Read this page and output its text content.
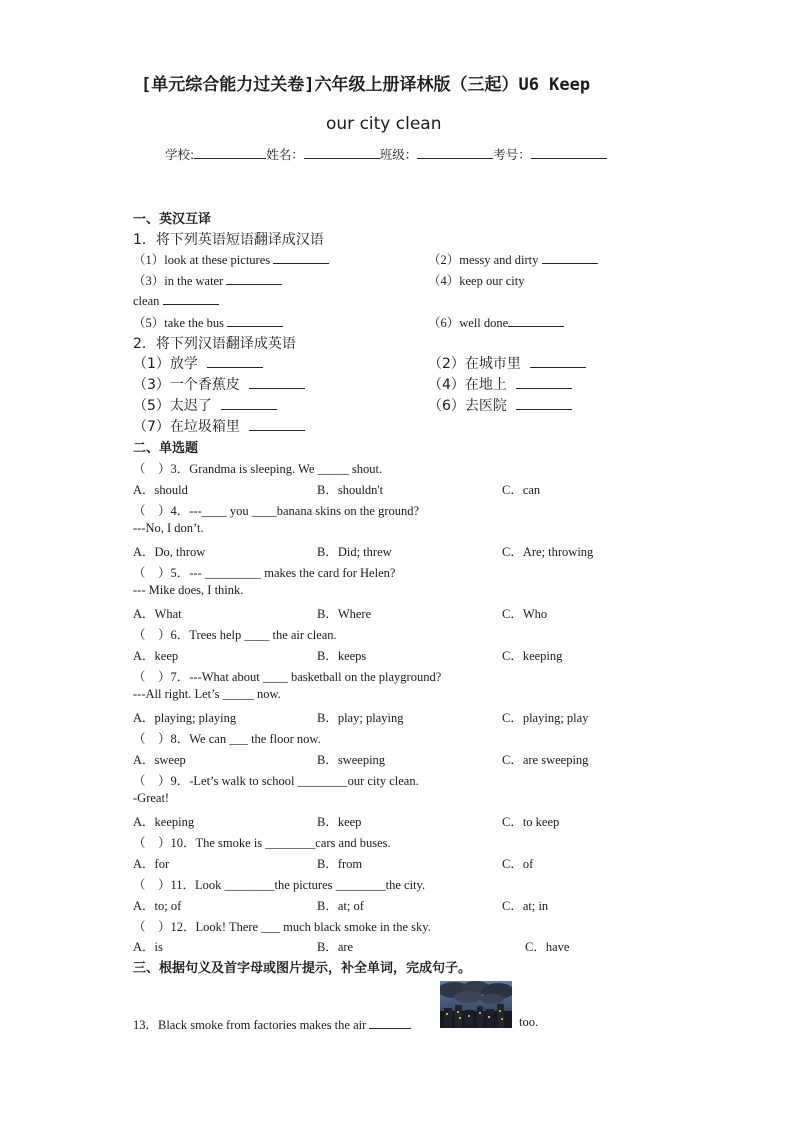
[单元综合能力过关卷]六年级上册译林版（三起）U6 Keep
our city clean
学校:	姓名：	班级：	考号：
一、英汉互译
1．将下列英语短语翻译成汉语
（1）look at these pictures	（2）messy and dirty
（3）in the water	（4）keep our city
clean
（5）take the bus	（6）well done
2．将下列汉语翻译成英语
（1）放学	（2）在城市里
（3）一个香蕉皮	（4）在地上
（5）太迟了	（6）去医院
（7）在垃圾箱里
二、单选题
（　）3．Grandma is sleeping. We _____ shout.
A．should	B．shouldn't	C．can
（　）4．---____ you ____banana skins on the ground?
---No, I don’t.
A．Do, throw	B．Did; threw	C．Are; throwing
（　）5．--- _________ makes the card for Helen?
--- Mike does, I think.
A．What	B．Where	C．Who
（　）6．Trees help ____ the air clean.
A．keep	B．keeps	C．keeping
（　）7．---What about ____ basketball on the playground?
---All right. Let’s _____ now.
A．playing; playing	B．play; playing	C．playing; play
（　）8．We can ___ the floor now.
A．sweep	B．sweeping	C．are sweeping
（　）9．-Let’s walk to school ________our city clean.
-Great!
A．keeping	B．keep	C．to keep
（　）10．The smoke is ________cars and buses.
A．for	B．from	C．of
（　）11．Look ________the pictures ________the city.
A．to; of	B．at; of	C．at; in
（　）12．Look! There ___ much black smoke in the sky.
A．is	B．are	C．have
三、根据句义及首字母或图片提示，补全单词，完成句子。
13．Black smoke from factories makes the air	too.
